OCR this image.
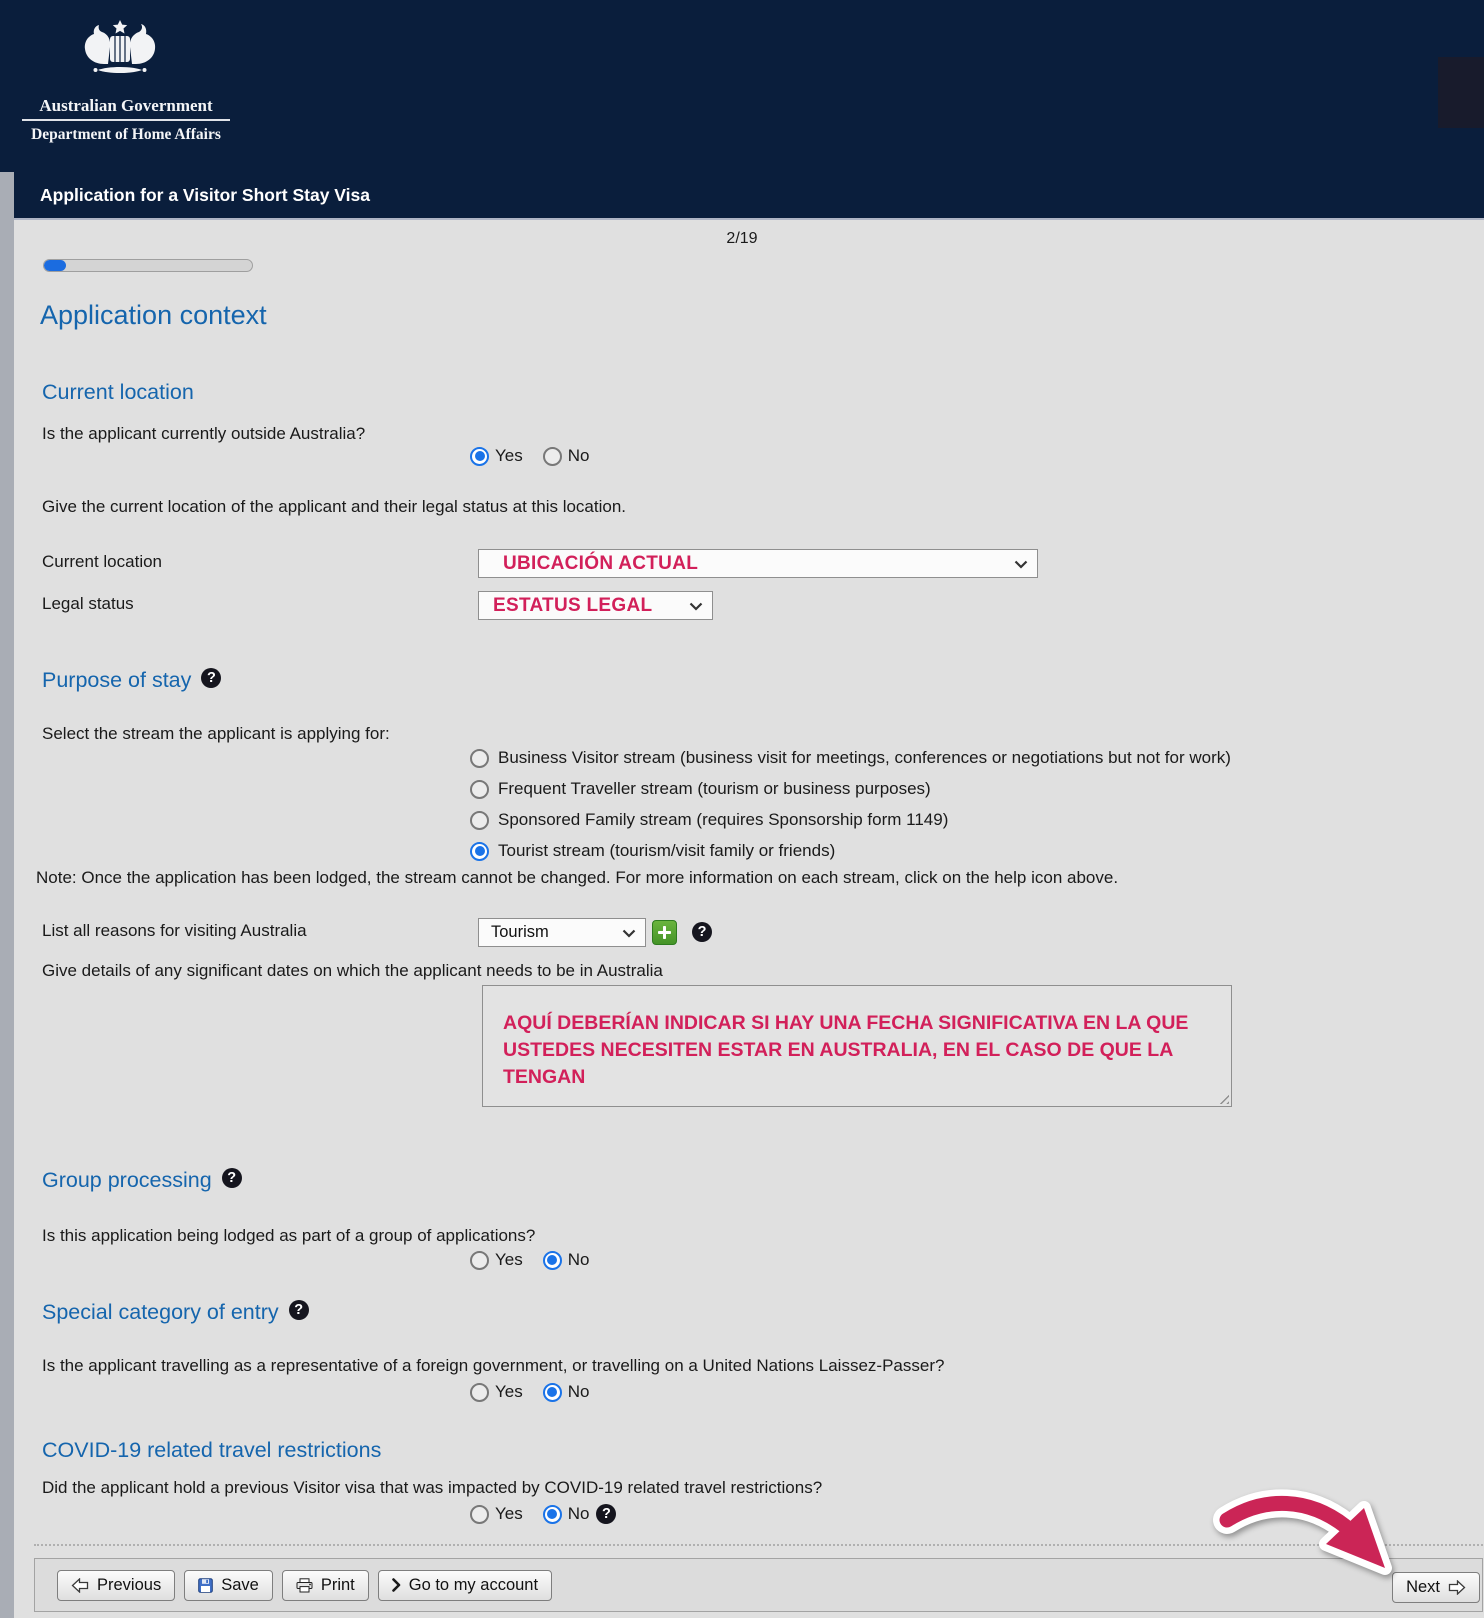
Australian Government
Department of Home Affairs
Application for a Visitor Short Stay Visa
2/19
Application context
Current location
Is the applicant currently outside Australia?
Yes	No
Give the current location of the applicant and their legal status at this location.
Current location	UBICACIÓN ACTUAL
Legal status	ESTATUS LEGAL
Purpose of stay	?
Select the stream the applicant is applying for:
Business Visitor stream (business visit for meetings, conferences or negotiations but not for work)
Frequent Traveller stream (tourism or business purposes)
Sponsored Family stream (requires Sponsorship form 1149)
Tourist stream (tourism/visit family or friends)
Note: Once the application has been lodged, the stream cannot be changed. For more information on each stream, click on the help icon above.
List all reasons for visiting Australia	Tourism	?
Give details of any significant dates on which the applicant needs to be in Australia
AQUÍ DEBERÍAN INDICAR SI HAY UNA FECHA SIGNIFICATIVA EN LA QUE USTEDES NECESITEN ESTAR EN AUSTRALIA, EN EL CASO DE QUE LA TENGAN
Group processing	?
Is this application being lodged as part of a group of applications?
Yes	No
Special category of entry	?
Is the applicant travelling as a representative of a foreign government, or travelling on a United Nations Laissez-Passer?
Yes	No
COVID-19 related travel restrictions
Did the applicant hold a previous Visitor visa that was impacted by COVID-19 related travel restrictions?
Yes	No ?
Previous	Save	Print	Go to my account	Next
